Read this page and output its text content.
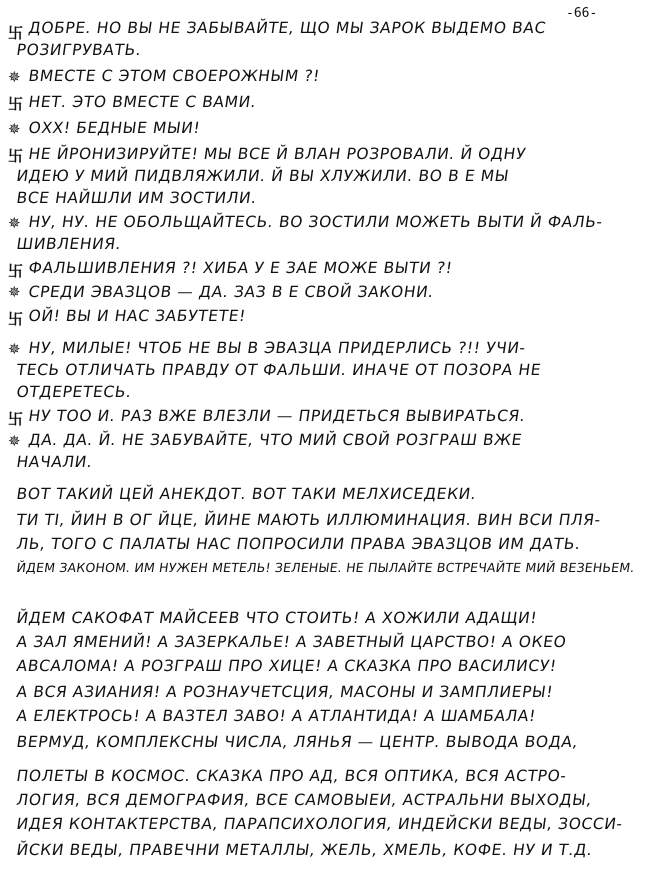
-66-
卐
✵
卐
✵
卐
✵
卐
✵
卐
✵
卐
✵
ДОБРЕ. НО ВЫ НЕ ЗАБЫВАЙТЕ, ЩО МЫ ЗАРОК ВЫДЕМО ВАС
РОЗИГРУВАТЬ.
ВМЕСТЕ С ЭТОМ СВОЕРОЖНЫМ ?!
НЕТ. ЭТО ВМЕСТЕ С ВАМИ.
ОХХ! БЕДНЫЕ МЫИ!
НЕ ЙРОНИЗИРУЙТЕ! МЫ ВСЕ Й ВЛАН РОЗРОВАЛИ. Й ОДНУ
ИДЕЮ У МИЙ ПИДВЛЯЖИЛИ. Й ВЫ ХЛУЖИЛИ. ВО В Е МЫ
ВСЕ НАЙШЛИ ИМ ЗОСТИЛИ.
НУ, НУ. НЕ ОБОЛЬЩАЙТЕСЬ. ВО ЗОСТИЛИ МОЖЕТЬ ВЫТИ Й ФАЛЬ-
ШИВЛЕНИЯ.
ФАЛЬШИВЛЕНИЯ ?! ХИБА У Е ЗАЕ МОЖЕ ВЫТИ ?!
СРЕДИ ЭВАЗЦОВ — ДА. ЗАЗ В Е СВОЙ ЗАКОНИ.
ОЙ! ВЫ И НАС ЗАБУТЕТЕ!
НУ, МИЛЫЕ! ЧТОБ НЕ ВЫ В ЭВАЗЦА ПРИДЕРЛИСЬ ?!! УЧИ-
ТЕСЬ ОТЛИЧАТЬ ПРАВДУ ОТ ФАЛЬШИ. ИНАЧЕ ОТ ПОЗОРА НЕ
ОТДЕРЕТЕСЬ.
НУ ТОО И. РАЗ ВЖЕ ВЛЕЗЛИ — ПРИДЕТЬСЯ ВЫВИРАТЬСЯ.
ДА. ДА. Й. НЕ ЗАБУВАЙТЕ, ЧТО МИЙ СВОЙ РОЗГРАШ ВЖЕ
НАЧАЛИ.
ВОТ ТАКИЙ ЦЕЙ АНЕКДОТ. ВОТ ТАКИ МЕЛХИСЕДЕКИ.
ТИ ТІ, ЙИН В ОГ ЙЦЕ, ЙИНЕ МАЮТЬ ИЛЛЮМИНАЦИЯ. ВИН ВСИ ПЛЯ-
ЛЬ, ТОГО С ПАЛАТЫ НАС ПОПРОСИЛИ ПРАВА ЭВАЗЦОВ ИМ ДАТЬ.
ЙДЕМ ЗАКОНОМ. ИМ НУЖЕН МЕТЕЛЬ! ЗЕЛЕНЫЕ. НЕ ПЫЛАЙТЕ ВСТРЕЧАЙТЕ МИЙ ВЕЗЕНЬЕМ.
ЙДЕМ САКОФАТ МАЙСЕЕВ ЧТО СТОИТЬ! А ХОЖИЛИ АДАЩИ!
А ЗАЛ ЯМЕНИЙ! А ЗАЗЕРКАЛЬЕ! А ЗАВЕТНЫЙ ЦАРСТВО! А ОКЕО
АВСАЛОМА! А РОЗГРАШ ПРО ХИЦЕ! А СКАЗКА ПРО ВАСИЛИСУ!
А ВСЯ АЗИАНИЯ! А РОЗНАУЧЕТСЦИЯ, МАСОНЫ И ЗАМПЛИЕРЫ!
А ЕЛЕКТРОСЬ! А ВАЗТЕЛ ЗАВО! А АТЛАНТИДА! А ШАМБАЛА!
ВЕРМУД, КОМПЛЕКСНЫ ЧИСЛА, ЛЯНЬЯ — ЦЕНТР. ВЫВОДА ВОДА,
ПОЛЕТЫ В КОСМОС. СКАЗКА ПРО АД, ВСЯ ОПТИКА, ВСЯ АСТРО-
ЛОГИЯ, ВСЯ ДЕМОГРАФИЯ, ВСЕ САМОВЫЕИ, АСТРАЛЬНИ ВЫХОДЫ,
ИДЕЯ КОНТАКТЕРСТВА, ПАРАПСИХОЛОГИЯ, ИНДЕЙСКИ ВЕДЫ, ЗОССИ-
ЙСКИ ВЕДЫ, ПРАВЕЧНИ МЕТАЛЛЫ, ЖЕЛЬ, ХМЕЛЬ, КОФЕ. НУ И Т.Д.
